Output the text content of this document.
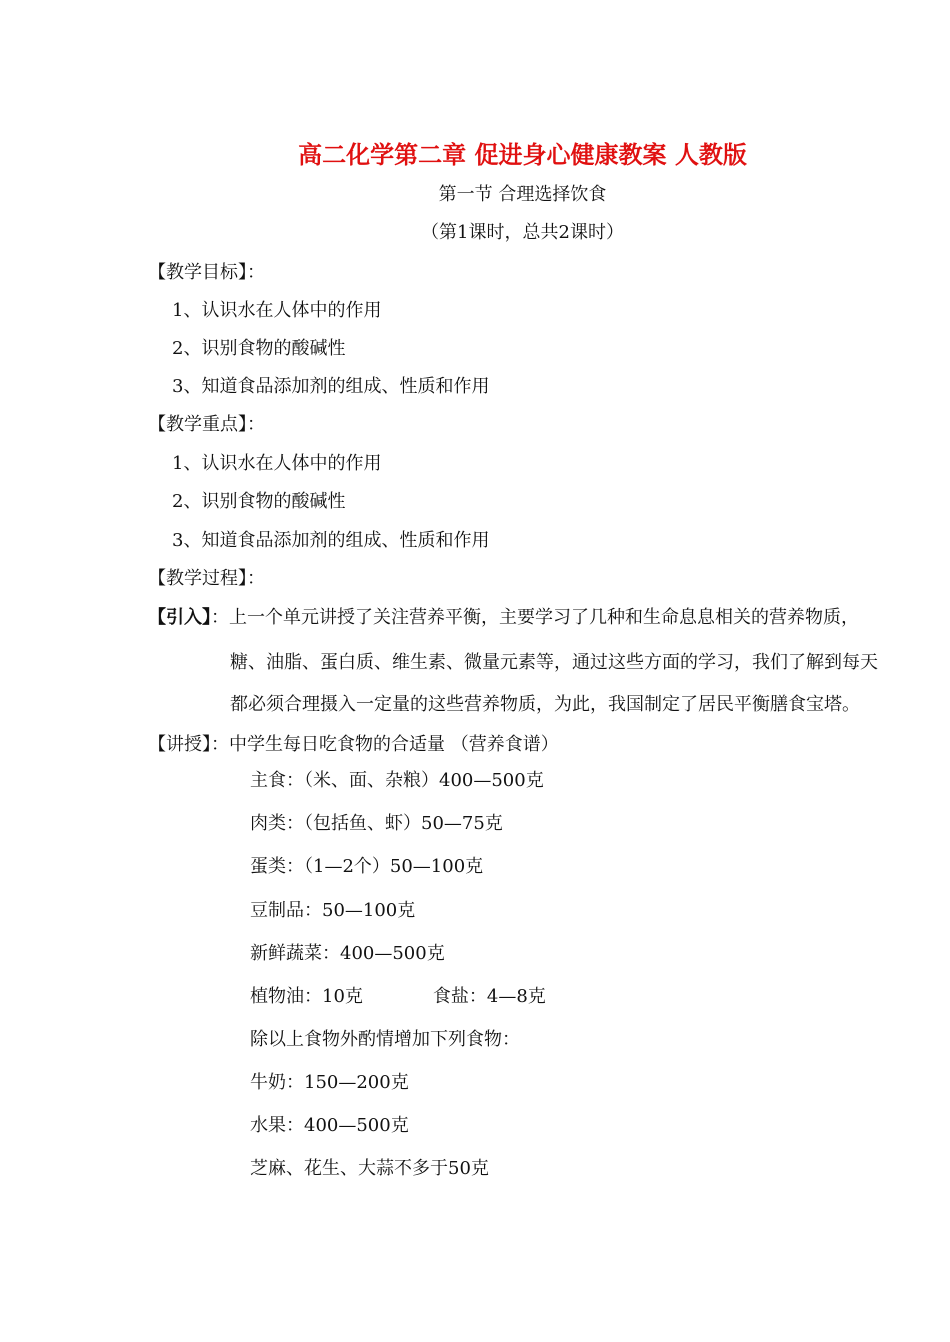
高二化学第二章 促进身心健康教案 人教版
第一节 合理选择饮食
（第1课时，总共2课时）
【教学目标】：
1、认识水在人体中的作用
2、识别食物的酸碱性
3、知道食品添加剂的组成、性质和作用
【教学重点】：
1、认识水在人体中的作用
2、识别食物的酸碱性
3、知道食品添加剂的组成、性质和作用
【教学过程】：
【引入】：上一个单元讲授了关注营养平衡，主要学习了几种和生命息息相关的营养物质，
糖、油脂、蛋白质、维生素、微量元素等，通过这些方面的学习，我们了解到每天
都必须合理摄入一定量的这些营养物质，为此，我国制定了居民平衡膳食宝塔。
【讲授】：中学生每日吃食物的合适量 （营养食谱）
主食：（米、面、杂粮）400—500克
肉类：（包括鱼、虾）50—75克
蛋类：（1—2个）50—100克
豆制品：50—100克
新鲜蔬菜：400—500克
植物油：10克	食盐：4—8克
除以上食物外酌情增加下列食物：
牛奶：150—200克
水果：400—500克
芝麻、花生、大蒜不多于50克
